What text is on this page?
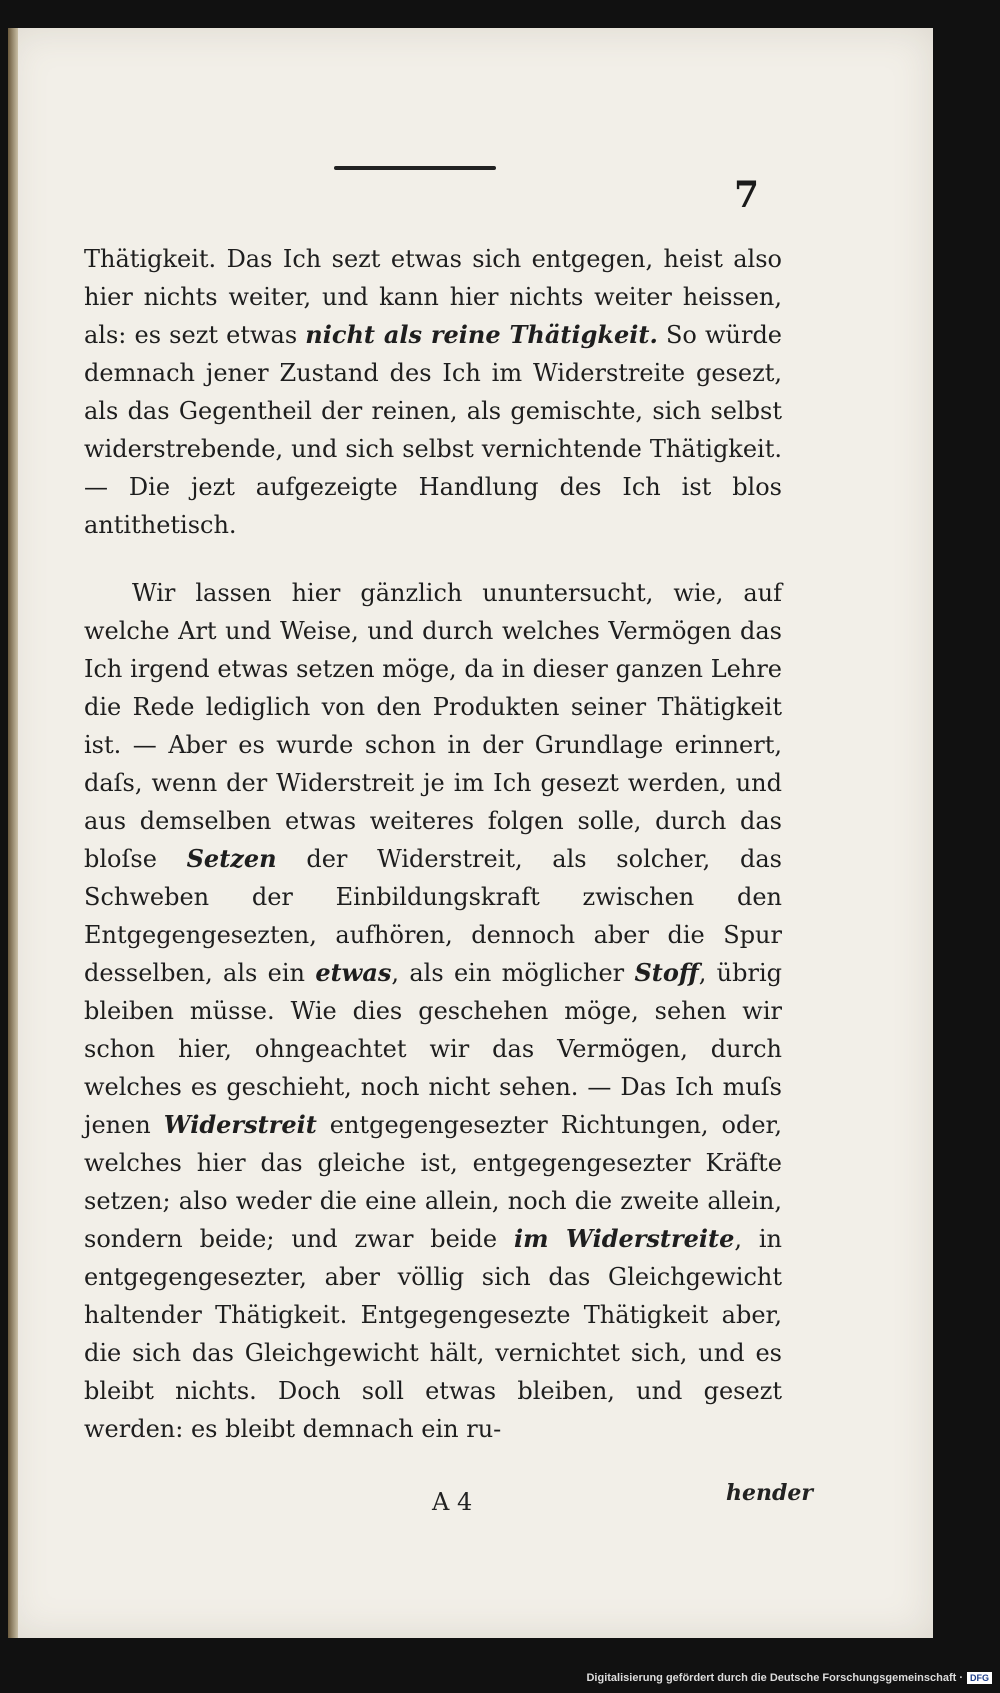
7

Thätigkeit. Das Ich sezt etwas sich entgegen, heist also hier nichts weiter, und kann hier nichts weiter heissen, als: es sezt etwas nicht als reine Thätigkeit. So würde demnach jener Zustand des Ich im Widerstreite gesezt, als das Gegentheil der reinen, als gemischte, sich selbst widerstrebende, und sich selbst vernichtende Thätigkeit. — Die jezt aufgezeigte Handlung des Ich ist blos antithetisch.

Wir lassen hier gänzlich ununtersucht, wie, auf welche Art und Weise, und durch welches Vermögen das Ich irgend etwas setzen möge, da in dieser ganzen Lehre die Rede lediglich von den Produkten seiner Thätigkeit ist. — Aber es wurde schon in der Grundlage erinnert, daſs, wenn der Widerstreit je im Ich gesezt werden, und aus demselben etwas weiteres folgen solle, durch das bloſse Setzen der Widerstreit, als solcher, das Schweben der Einbildungskraft zwischen den Entgegengesezten, aufhören, dennoch aber die Spur desselben, als ein etwas, als ein möglicher Stoff, übrig bleiben müsse. Wie dies geschehen möge, sehen wir schon hier, ohngeachtet wir das Vermögen, durch welches es geschieht, noch nicht sehen. — Das Ich muſs jenen Widerstreit entgegengesezter Richtungen, oder, welches hier das gleiche ist, entgegengesezter Kräfte setzen; also weder die eine allein, noch die zweite allein, sondern beide; und zwar beide im Widerstreite, in entgegengesezter, aber völlig sich das Gleichgewicht haltender Thätigkeit. Entgegengesezte Thätigkeit aber, die sich das Gleichgewicht hält, vernichtet sich, und es bleibt nichts. Doch soll etwas bleiben, und gesezt werden: es bleibt demnach ein ru-

A 4	hender
Digitalisierung gefördert durch die Deutsche Forschungsgemeinschaft · DFG
